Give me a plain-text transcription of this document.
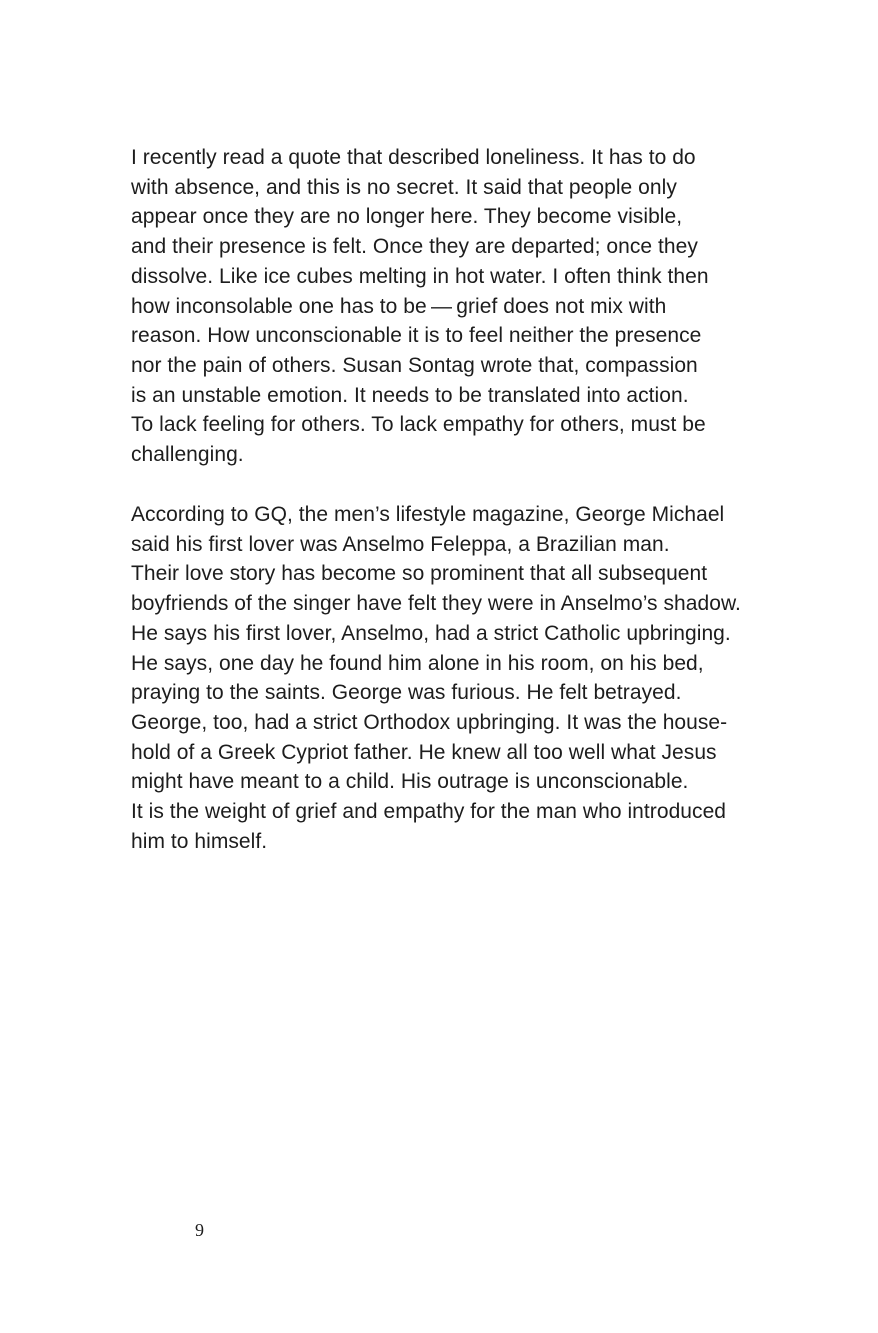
I recently read a quote that described loneliness. It has to do
with absence, and this is no secret. It said that people only
appear once they are no longer here. They become visible,
and their presence is felt. Once they are departed; once they
dissolve. Like ice cubes melting in hot water. I often think then
how inconsolable one has to be — grief does not mix with
reason. How unconscionable it is to feel neither the presence
nor the pain of others. Susan Sontag wrote that, compassion
is an unstable emotion. It needs to be translated into action.
To lack feeling for others. To lack empathy for others, must be
challenging.
According to GQ, the men’s lifestyle magazine, George Michael
said his first lover was Anselmo Feleppa, a Brazilian man.
Their love story has become so prominent that all subsequent
boyfriends of the singer have felt they were in Anselmo’s shadow.
He says his first lover, Anselmo, had a strict Catholic upbringing.
He says, one day he found him alone in his room, on his bed,
praying to the saints. George was furious. He felt betrayed.
George, too, had a strict Orthodox upbringing. It was the house-
hold of a Greek Cypriot father. He knew all too well what Jesus
might have meant to a child. His outrage is unconscionable.
It is the weight of grief and empathy for the man who introduced
him to himself.
9
